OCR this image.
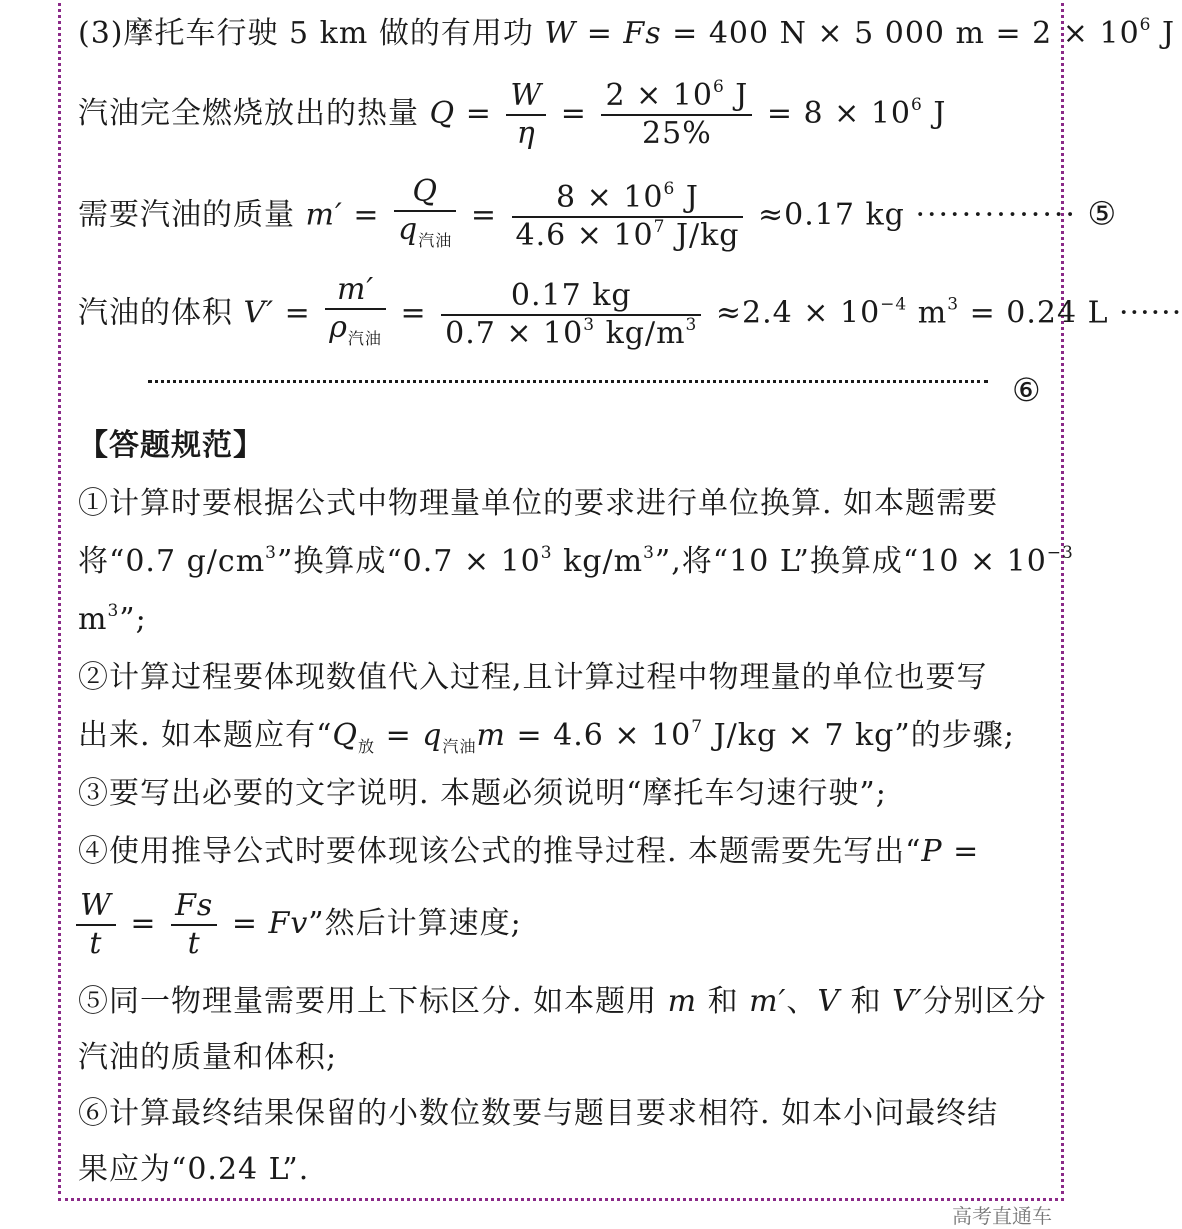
(3)摩托车行驶 5 km 做的有用功 W = Fs = 400 N × 5 000 $m = 2 \times 10^6$ J
汽油完全燃烧放出的热量 $Q = \frac{W}{\eta} = \frac{2 \times 10^6 J}{25\%} = 8 \times 10^6$ J
需要汽油的质量 $m' = \frac{Q}{q_{汽油}} = \frac{8 \times 10^6 J}{4.6 \times 10^7 J/kg} \approx 0.17$ kg ·············· ⑤
汽油的体积 $V' = \frac{m'}{\rho_{汽油}} = \frac{0.17 kg}{0.7 \times 10^3 kg/m^3} \approx 2.4 \times 10^{-4}$ $m^3 = 0.24$ L ······
⑥
【答题规范】
①计算时要根据公式中物理量单位的要求进行单位换算. 如本题需要
将“0.7 $g/cm^3$”换算成“$0.7 \times 10^3$ $kg/m^3$”,将“10 L”换算成“$10 \times 10^{-3}$
$m^3$”;
②计算过程要体现数值代入过程,且计算过程中物理量的单位也要写
出来. 如本题应有“$Q_放 = q_{汽油}m = 4.6 \times 10^7$ J/kg × 7 kg”的步骤;
③要写出必要的文字说明. 本题必须说明“摩托车匀速行驶”;
④使用推导公式时要体现该公式的推导过程. 本题需要先写出“P =
$\frac{W}{t} = \frac{Fs}{t} = Fv$”然后计算速度;
⑤同一物理量需要用上下标区分. 如本题用 m 和 m′、V 和 V′分别区分
汽油的质量和体积;
⑥计算最终结果保留的小数位数要与题目要求相符. 如本小问最终结
果应为“0.24 L”.
高考直通车
